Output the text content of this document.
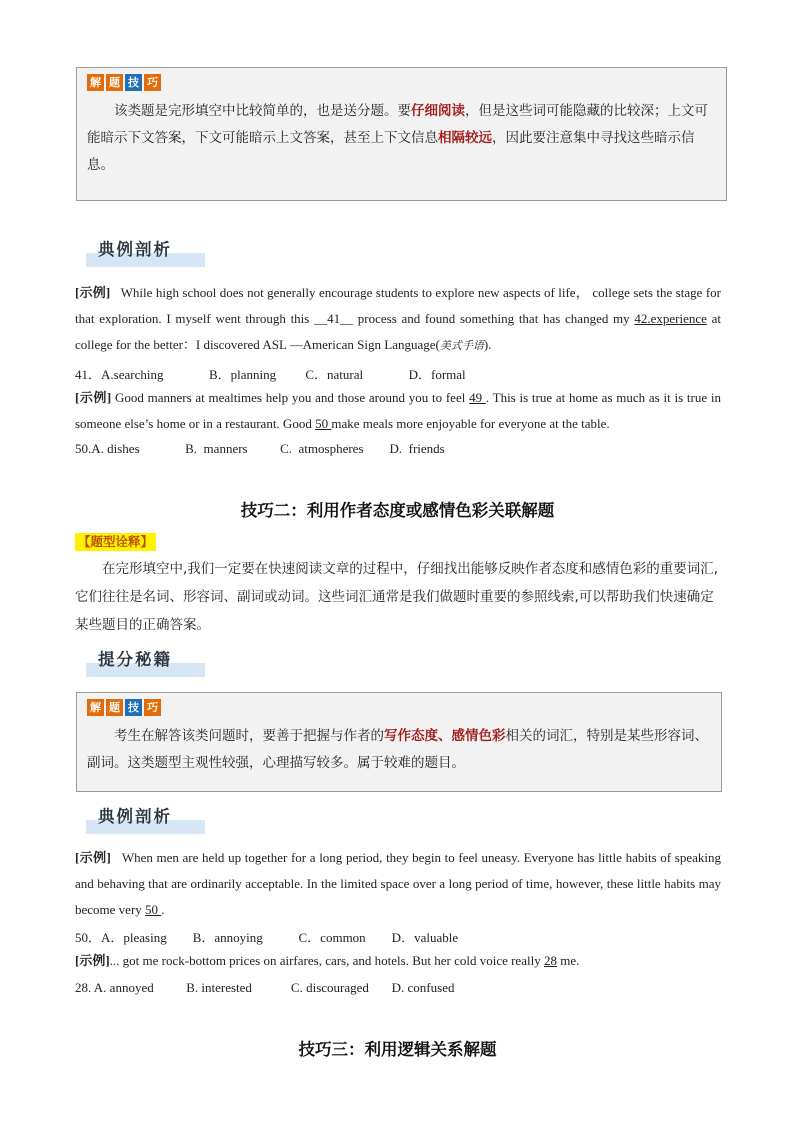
解 题 技 巧
该类题是完形填空中比较简单的，也是送分题。要仔细阅读，但是这些词可能隐藏的比较深；上文可能暗示下文答案，下文可能暗示上文答案，甚至上下文信息相隔较远，因此要注意集中寻找这些暗示信息。
典例剖析
[示例] While high school does not generally encourage students to explore new aspects of life， college sets the stage for that exploration. I myself went through this __41__ process and found something that has changed my 42.experience at college for the better：I discovered ASL —American Sign Language(美式手语).
41．A.searching              B．planning         C．natural              D．formal
[示例] Good manners at mealtimes help you and those around you to feel 49 . This is true at home as much as it is true in someone else’s home or in a restaurant. Good 50 make meals more enjoyable for everyone at the table.
50.A. dishes              B.  manners          C.  atmospheres        D.  friends
技巧二：利用作者态度或感情色彩关联解题
【题型诠释】
在完形填空中,我们一定要在快速阅读文章的过程中，仔细找出能够反映作者态度和感情色彩的重要词汇,它们往往是名词、形容词、副词或动词。这些词汇通常是我们做题时重要的参照线索,可以帮助我们快速确定某些题目的正确答案。
提分秘籍
解 题 技 巧
考生在解答该类问题时，要善于把握与作者的写作态度、感情色彩相关的词汇，特别是某些形容词、副词。这类题型主观性较强，心理描写较多。属于较难的题目。
典例剖析
[示例] When men are held up together for a long period, they begin to feel uneasy. Everyone has little habits of speaking and behaving that are ordinarily acceptable. In the limited space over a long period of time, however, these little habits may become very 50 .
50．A．pleasing        B．annoying           C．common        D．valuable
[示例]... got me rock-bottom prices on airfares, cars, and hotels. But her cold voice really 28 me.
28. A. annoyed          B. interested            C. discouraged       D. confused
技巧三：利用逻辑关系解题
